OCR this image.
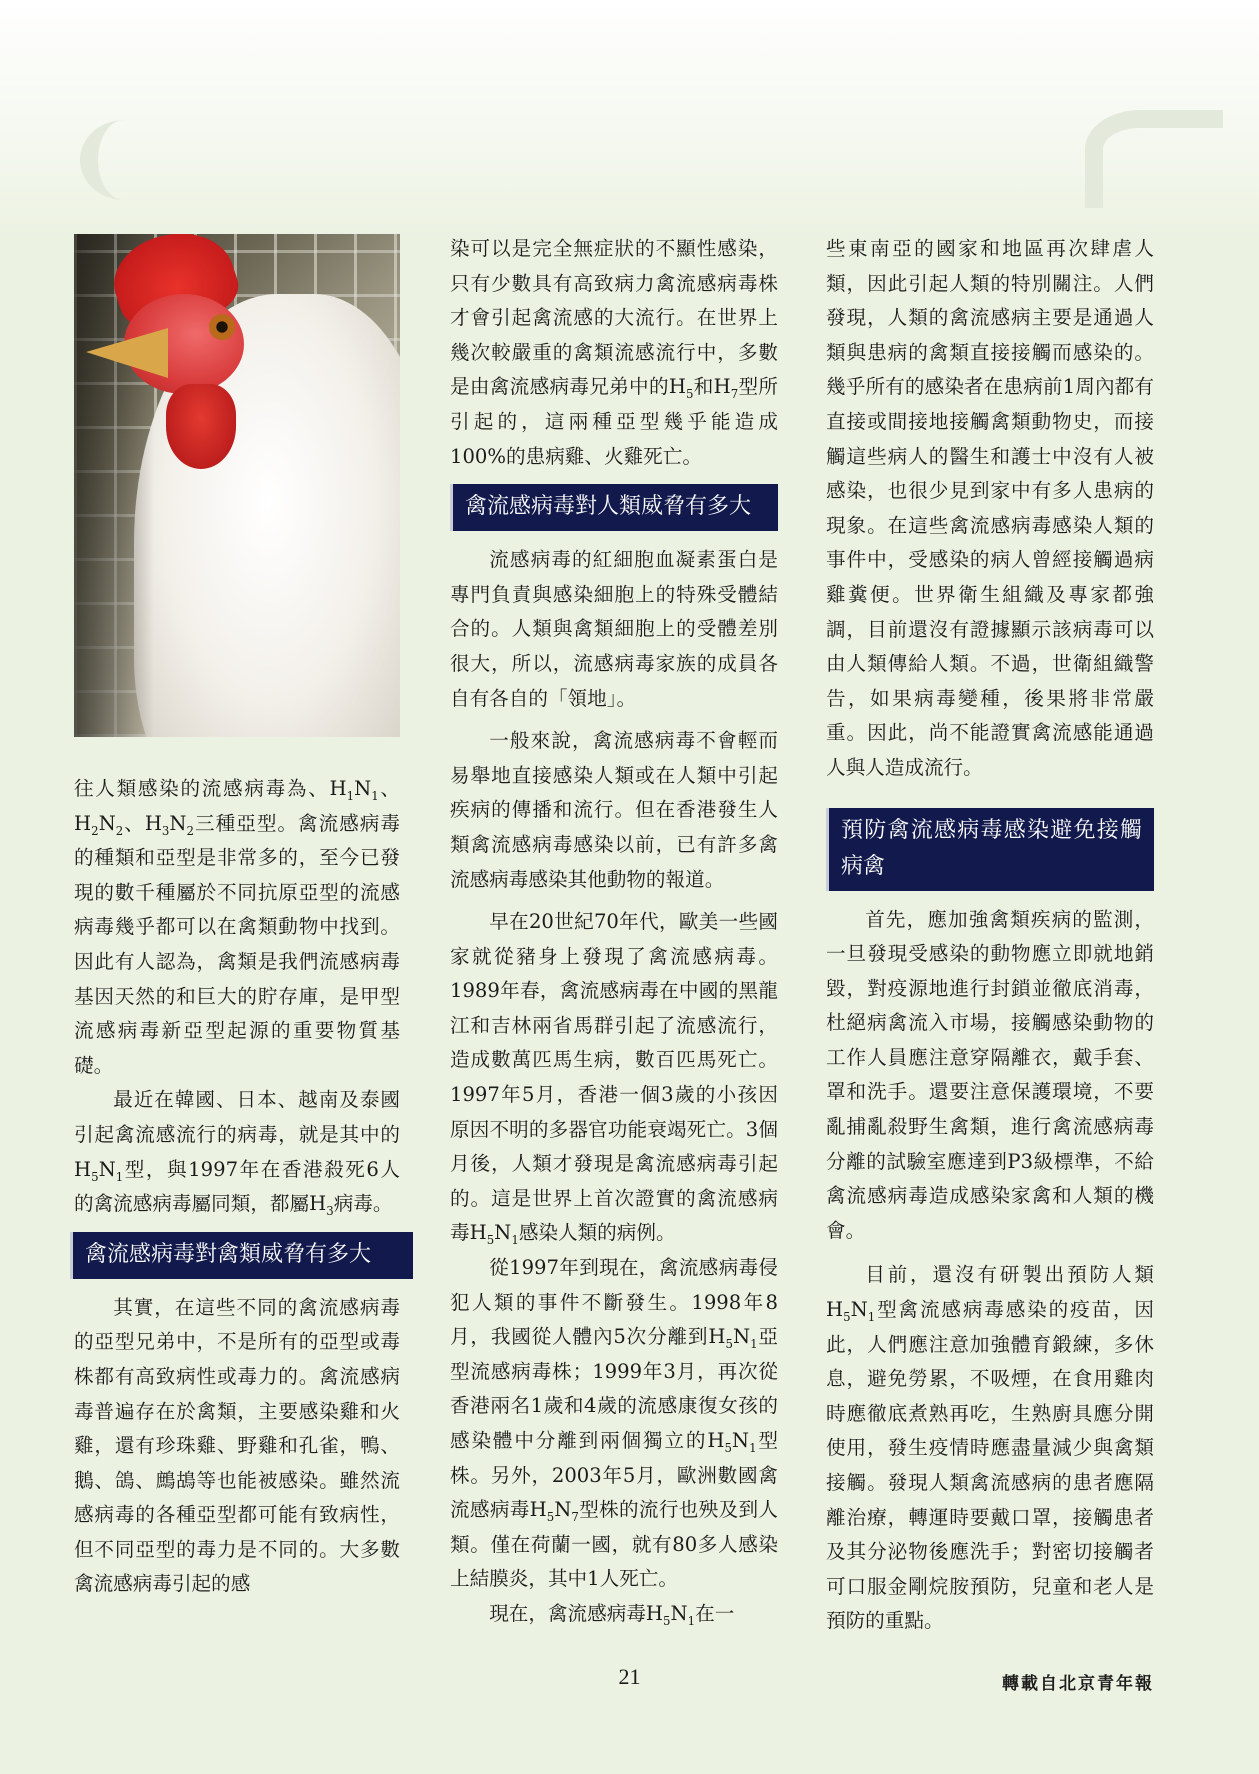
往人類感染的流感病毒為、$H_1N_1$、$H_2N_2$、$H_3N_2$三種亞型。禽流感病毒的種類和亞型是非常多的，至今已發現的數千種屬於不同抗原亞型的流感病毒幾乎都可以在禽類動物中找到。因此有人認為，禽類是我們流感病毒基因天然的和巨大的貯存庫，是甲型流感病毒新亞型起源的重要物質基礎。

最近在韓國、日本、越南及泰國引起禽流感流行的病毒，就是其中的$H_5N_1$型，與1997年在香港殺死6人的禽流感病毒屬同類，都屬$H_3$病毒。

禽流感病毒對禽類威脅有多大

其實，在這些不同的禽流感病毒的亞型兄弟中，不是所有的亞型或毒株都有高致病性或毒力的。禽流感病毒普遍存在於禽類，主要感染雞和火雞，還有珍珠雞、野雞和孔雀，鴨、鵝、鴿、鷓鴣等也能被感染。雖然流感病毒的各種亞型都可能有致病性，但不同亞型的毒力是不同的。大多數禽流感病毒引起的感

染可以是完全無症狀的不顯性感染，只有少數具有高致病力禽流感病毒株才會引起禽流感的大流行。在世界上幾次較嚴重的禽類流感流行中，多數是由禽流感病毒兄弟中的$H_5$和$H_7$型所引起的，這兩種亞型幾乎能造成100%的患病雞、火雞死亡。

禽流感病毒對人類威脅有多大

流感病毒的紅細胞血凝素蛋白是專門負責與感染細胞上的特殊受體結合的。人類與禽類細胞上的受體差別很大，所以，流感病毒家族的成員各自有各自的「領地」。

一般來說，禽流感病毒不會輕而易舉地直接感染人類或在人類中引起疾病的傳播和流行。但在香港發生人類禽流感病毒感染以前，已有許多禽流感病毒感染其他動物的報道。

早在20世紀70年代，歐美一些國家就從豬身上發現了禽流感病毒。1989年春，禽流感病毒在中國的黑龍江和吉林兩省馬群引起了流感流行，造成數萬匹馬生病，數百匹馬死亡。1997年5月，香港一個3歲的小孩因原因不明的多器官功能衰竭死亡。3個月後，人類才發現是禽流感病毒引起的。這是世界上首次證實的禽流感病毒$H_5N_1$感染人類的病例。

從1997年到現在，禽流感病毒侵犯人類的事件不斷發生。1998年8月，我國從人體內5次分離到$H_5N_1$亞型流感病毒株；1999年3月，再次從香港兩名1歲和4歲的流感康復女孩的感染體中分離到兩個獨立的$H_5N_1$型株。另外，2003年5月，歐洲數國禽流感病毒$H_5N_7$型株的流行也殃及到人類。僅在荷蘭一國，就有80多人感染上結膜炎，其中1人死亡。

現在，禽流感病毒$H_5N_1$在一

些東南亞的國家和地區再次肆虐人類，因此引起人類的特別關注。人們發現，人類的禽流感病主要是通過人類與患病的禽類直接接觸而感染的。幾乎所有的感染者在患病前1周內都有直接或間接地接觸禽類動物史，而接觸這些病人的醫生和護士中沒有人被感染，也很少見到家中有多人患病的現象。在這些禽流感病毒感染人類的事件中，受感染的病人曾經接觸過病雞糞便。世界衛生組織及專家都強調，目前還沒有證據顯示該病毒可以由人類傳給人類。不過，世衛組織警告，如果病毒變種，後果將非常嚴重。因此，尚不能證實禽流感能通過人與人造成流行。

預防禽流感病毒感染避免接觸病禽

首先，應加強禽類疾病的監測，一旦發現受感染的動物應立即就地銷毀，對疫源地進行封鎖並徹底消毒，杜絕病禽流入市場，接觸感染動物的工作人員應注意穿隔離衣，戴手套、罩和洗手。還要注意保護環境，不要亂捕亂殺野生禽類，進行禽流感病毒分離的試驗室應達到P3級標準，不給禽流感病毒造成感染家禽和人類的機會。

目前，還沒有研製出預防人類$H_5N_1$型禽流感病毒感染的疫苗，因此，人們應注意加強體育鍛練，多休息，避免勞累，不吸煙，在食用雞肉時應徹底煮熟再吃，生熟廚具應分開使用，發生疫情時應盡量減少與禽類接觸。發現人類禽流感病的患者應隔離治療，轉運時要戴口罩，接觸患者及其分泌物後應洗手；對密切接觸者可口服金剛烷胺預防，兒童和老人是預防的重點。

轉載自北京青年報
21
